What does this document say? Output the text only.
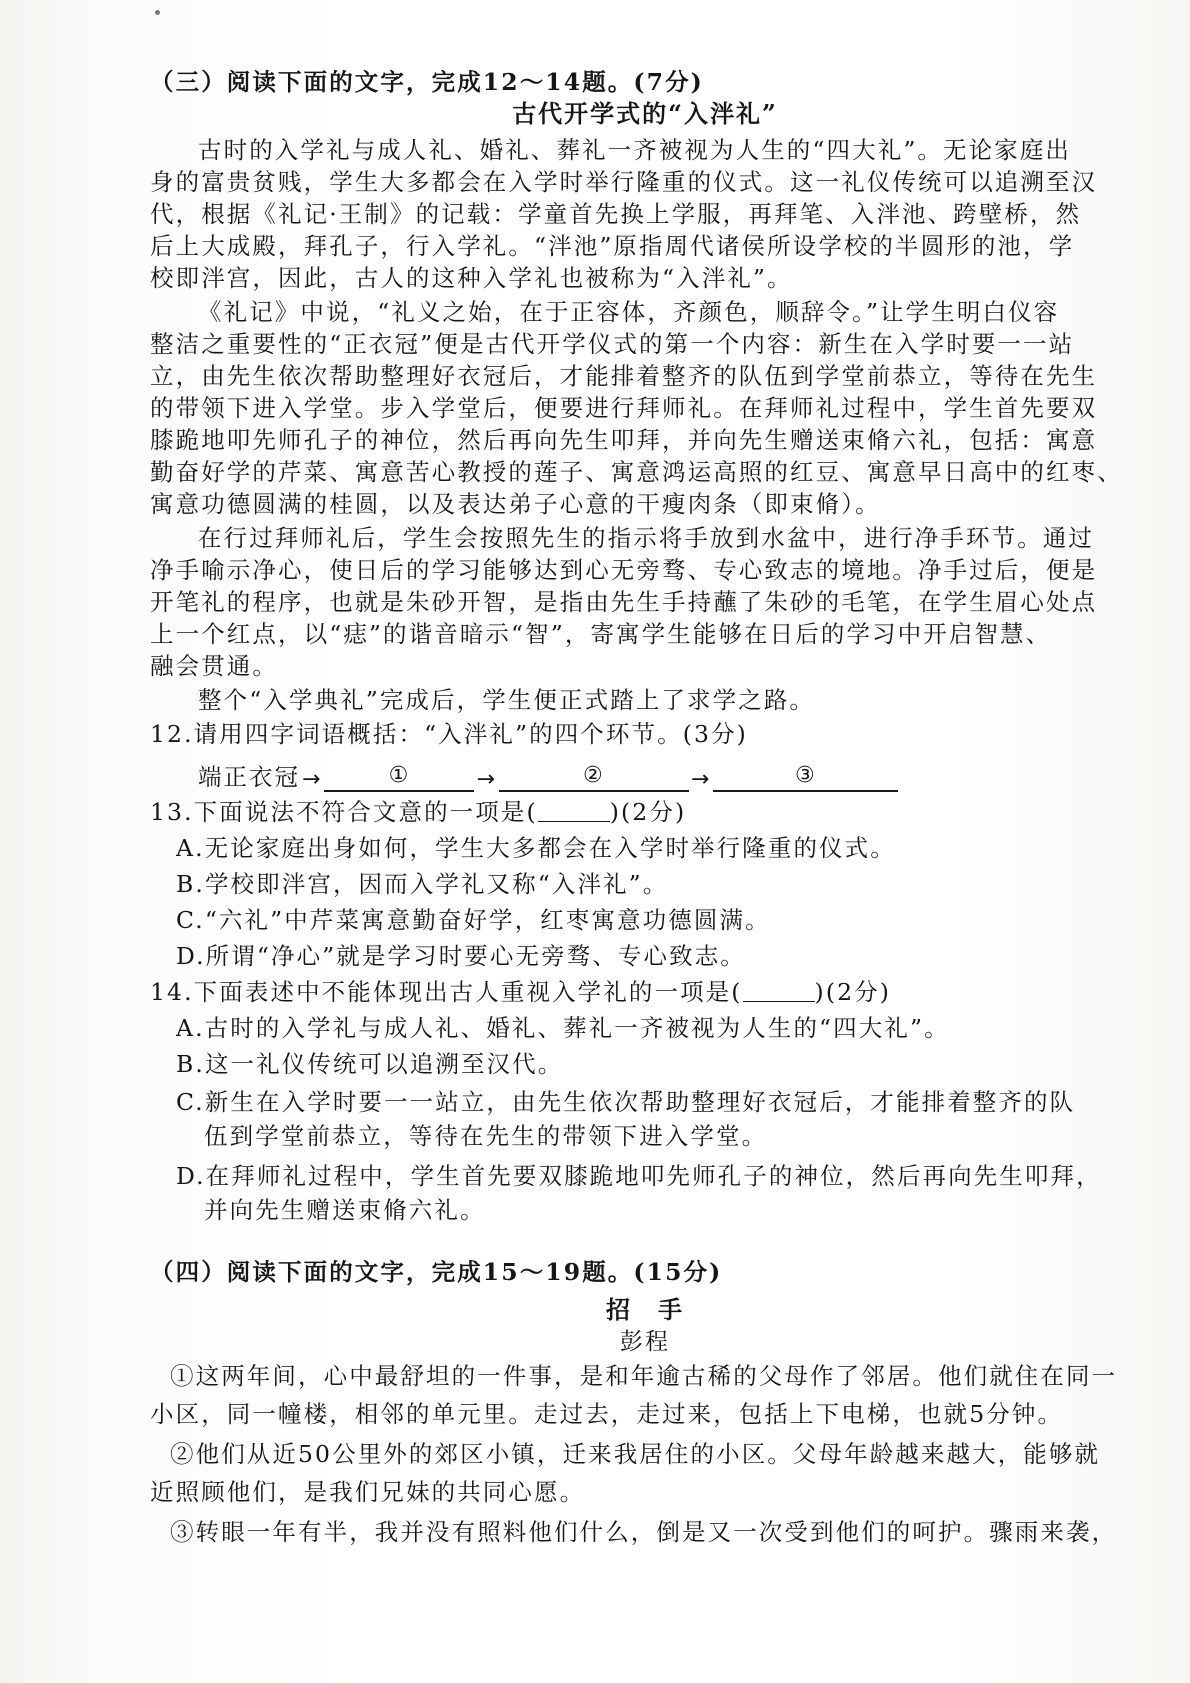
（三）阅读下面的文字，完成12～14题。(7分)
古代开学式的“入泮礼”
古时的入学礼与成人礼、婚礼、葬礼一齐被视为人生的“四大礼”。无论家庭出
身的富贵贫贱，学生大多都会在入学时举行隆重的仪式。这一礼仪传统可以追溯至汉
代，根据《礼记·王制》的记载：学童首先换上学服，再拜笔、入泮池、跨壁桥，然
后上大成殿，拜孔子，行入学礼。“泮池”原指周代诸侯所设学校的半圆形的池，学
校即泮宫，因此，古人的这种入学礼也被称为“入泮礼”。
《礼记》中说，“礼义之始，在于正容体，齐颜色，顺辞令。”让学生明白仪容
整洁之重要性的“正衣冠”便是古代开学仪式的第一个内容：新生在入学时要一一站
立，由先生依次帮助整理好衣冠后，才能排着整齐的队伍到学堂前恭立，等待在先生
的带领下进入学堂。步入学堂后，便要进行拜师礼。在拜师礼过程中，学生首先要双
膝跪地叩先师孔子的神位，然后再向先生叩拜，并向先生赠送束脩六礼，包括：寓意
勤奋好学的芹菜、寓意苦心教授的莲子、寓意鸿运高照的红豆、寓意早日高中的红枣、
寓意功德圆满的桂圆，以及表达弟子心意的干瘦肉条（即束脩）。
在行过拜师礼后，学生会按照先生的指示将手放到水盆中，进行净手环节。通过
净手喻示净心，使日后的学习能够达到心无旁骛、专心致志的境地。净手过后，便是
开笔礼的程序，也就是朱砂开智，是指由先生手持蘸了朱砂的毛笔，在学生眉心处点
上一个红点，以“痣”的谐音暗示“智”，寄寓学生能够在日后的学习中开启智慧、
融会贯通。
整个“入学典礼”完成后，学生便正式踏上了求学之路。
12.请用四字词语概括：“入泮礼”的四个环节。(3分)
端正衣冠 →	①	→	②	→	③
13.下面说法不符合文意的一项是(	)(2分)
A.无论家庭出身如何，学生大多都会在入学时举行隆重的仪式。
B.学校即泮宫，因而入学礼又称“入泮礼”。
C.“六礼”中芹菜寓意勤奋好学，红枣寓意功德圆满。
D.所谓“净心”就是学习时要心无旁骛、专心致志。
14.下面表述中不能体现出古人重视入学礼的一项是(	)(2分)
A.古时的入学礼与成人礼、婚礼、葬礼一齐被视为人生的“四大礼”。
B.这一礼仪传统可以追溯至汉代。
C.新生在入学时要一一站立，由先生依次帮助整理好衣冠后，才能排着整齐的队
伍到学堂前恭立，等待在先生的带领下进入学堂。
D.在拜师礼过程中，学生首先要双膝跪地叩先师孔子的神位，然后再向先生叩拜，
并向先生赠送束脩六礼。
（四）阅读下面的文字，完成15～19题。(15分)
招　手
彭程
①这两年间，心中最舒坦的一件事，是和年逾古稀的父母作了邻居。他们就住在同一
小区，同一幢楼，相邻的单元里。走过去，走过来，包括上下电梯，也就5分钟。
②他们从近50公里外的郊区小镇，迁来我居住的小区。父母年龄越来越大，能够就
近照顾他们，是我们兄妹的共同心愿。
③转眼一年有半，我并没有照料他们什么，倒是又一次受到他们的呵护。骤雨来袭，
